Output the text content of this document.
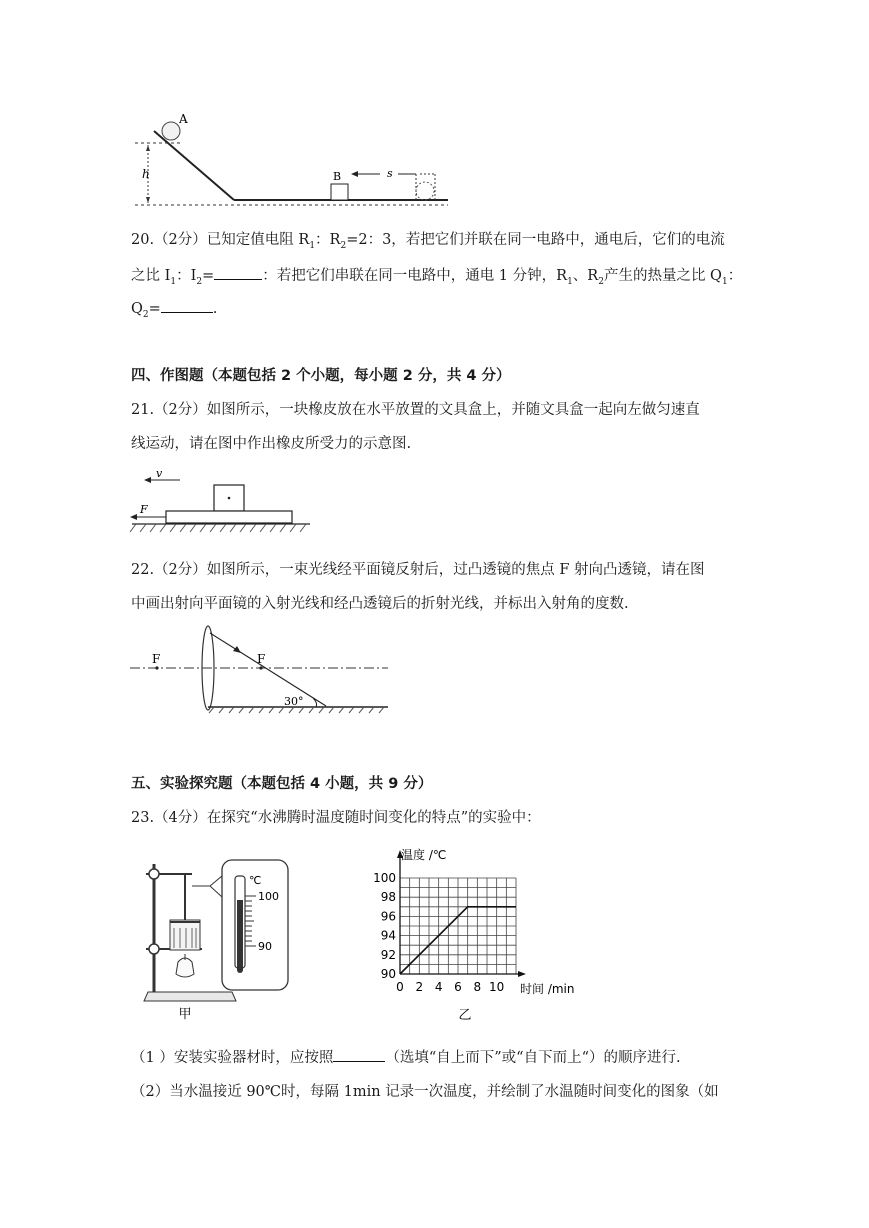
h
A
B	s
20.（2分）已知定值电阻 $R_1$：$R_2=2$：3，若把它们并联在同一电路中，通电后，它们的电流
之比 $I_1$：$I_2=$	：若把它们串联在同一电路中，通电 1 分钟，$R_1$、$R_2$产生的热量之比 $Q_1$：
$Q_2=$	.
四、作图题（本题包括 2 个小题，每小题 2 分，共 4 分）
21.（2分）如图所示，一块橡皮放在水平放置的文具盒上，并随文具盒一起向左做匀速直
线运动，请在图中作出橡皮所受力的示意图.
v
F
22.（2分）如图所示，一束光线经平面镜反射后，过凸透镜的焦点 F 射向凸透镜，请在图
中画出射向平面镜的入射光线和经凸透镜后的折射光线，并标出入射角的度数.
F	F
30°
五、实验探究题（本题包括 4 小题，共 9 分）
23.（4分）在探究“水沸腾时温度随时间变化的特点”的实验中：
℃
100
90
甲
0 2 4 6 8 10
90
92
94
96
98
100
温度 /℃
时间 /min
乙
（1 ）安装实验器材时，应按照	（选填“自上而下”或“自下而上“）的顺序进行.
（2）当水温接近 90℃时，每隔 1min 记录一次温度，并绘制了水温随时间变化的图象（如
